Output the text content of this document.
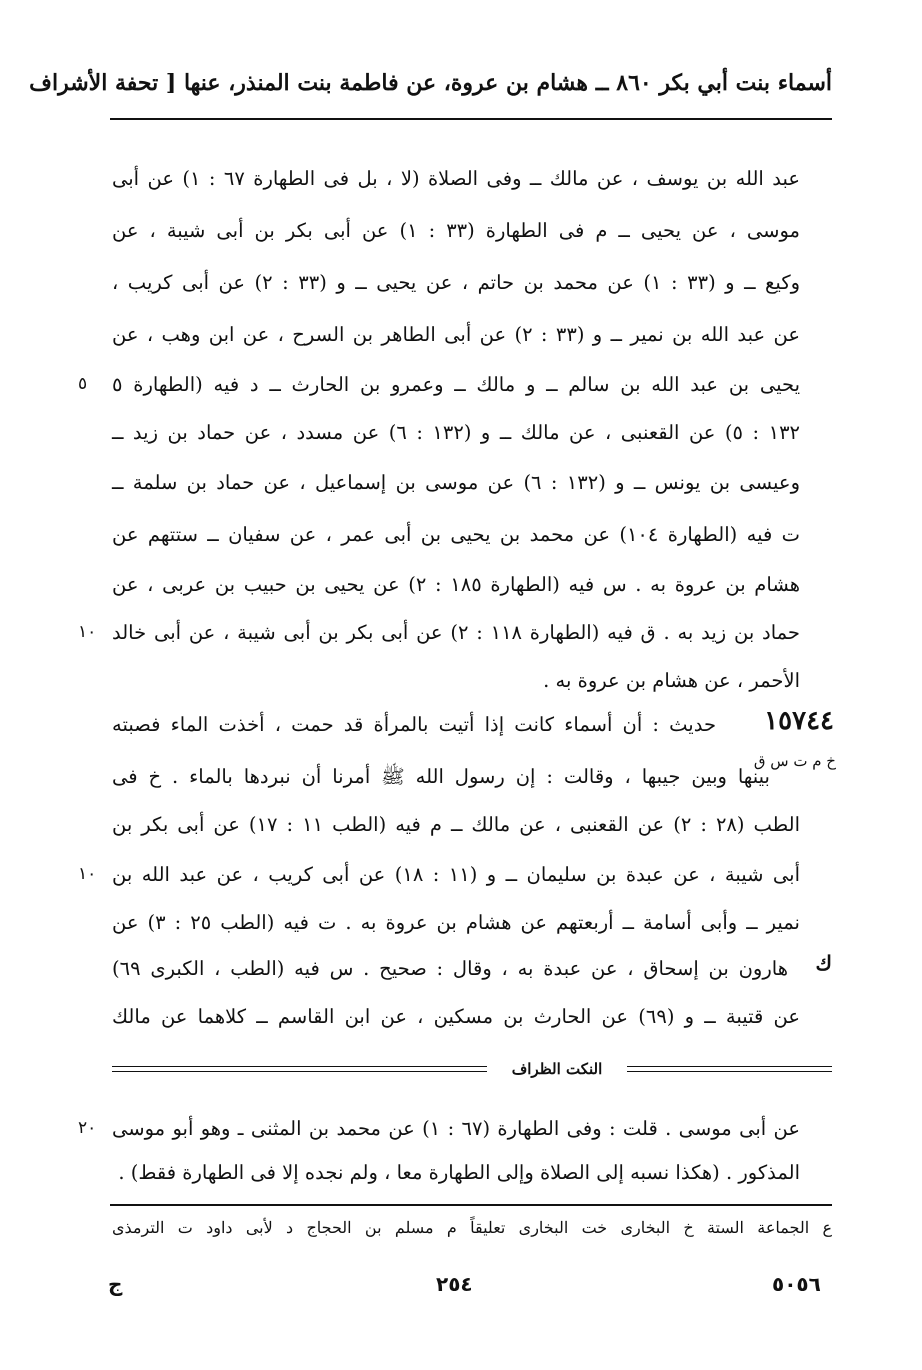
أسماء بنت أبي بكر ٨٦٠ ــ هشام بن عروة، عن فاطمة بنت المنذر، عنها [ تحفة الأشراف
عبد الله بن يوسف ، عن مالك ــ وفى الصلاة (لا ، بل فى الطهارة ٦٧ : ١) عن أبى
موسى ، عن يحيى ــ م فى الطهارة (٣٣ : ١) عن أبى بكر بن أبى شيبة ، عن
وكيع ــ و (٣٣ : ١) عن محمد بن حاتم ، عن يحيى ــ و (٣٣ : ٢) عن أبى كريب ،
عن عبد الله بن نمير ــ و (٣٣ : ٢) عن أبى الطاهر بن السرح ، عن ابن وهب ، عن
يحيى بن عبد الله بن سالم ــ و مالك ــ وعمرو بن الحارث ــ د فيه (الطهارة ٥
٥
١٣٢ : ٥) عن القعنبى ، عن مالك ــ و (١٣٢ : ٦) عن مسدد ، عن حماد بن زيد ــ
وعيسى بن يونس ــ و (١٣٢ : ٦) عن موسى بن إسماعيل ، عن حماد بن سلمة ــ
ت فيه (الطهارة ١٠٤) عن محمد بن يحيى بن أبى عمر ، عن سفيان ــ ستتهم عن
هشام بن عروة به . س فيه (الطهارة ١٨٥ : ٢) عن يحيى بن حبيب بن عربى ، عن
حماد بن زيد به . ق فيه (الطهارة ١١٨ : ٢) عن أبى بكر بن أبى شيبة ، عن أبى خالد
١٠
الأحمر ، عن هشام بن عروة به .
١٥٧٤٤
حديث : أن أسماء كانت إذا أتيت بالمرأة قد حمت ، أخذت الماء فصبته
خ م ت س ق
بينها وبين جيبها ، وقالت : إن رسول الله ﷺ أمرنا أن نبردها بالماء . خ فى
الطب (٢٨ : ٢) عن القعنبى ، عن مالك ــ م فيه (الطب ١١ : ١٧) عن أبى بكر بن
أبى شيبة ، عن عبدة بن سليمان ــ و (١١ : ١٨) عن أبى كريب ، عن عبد الله بن
١٠
نمير ــ وأبى أسامة ــ أربعتهم عن هشام بن عروة به . ت فيه (الطب ٢٥ : ٣) عن
هارون بن إسحاق ، عن عبدة به ، وقال : صحيح . س فيه (الطب ، الكبرى ٦٩)	ك
عن قتيبة ــ و (٦٩) عن الحارث بن مسكين ، عن ابن القاسم ــ كلاهما عن مالك
النكت الظراف
عن أبى موسى . قلت : وفى الطهارة (٦٧ : ١) عن محمد بن المثنى ـ وهو أبو موسى
٢٠
المذكور . (هكذا نسبه إلى الصلاة وإلى الطهارة معا ، ولم نجده إلا فى الطهارة فقط) .
ع الجماعة الستة خ البخارى خت البخارى تعليقاً م مسلم بن الحجاج د لأبى داود ت الترمذى
ج	٢٥٤	٥٠٥٦
